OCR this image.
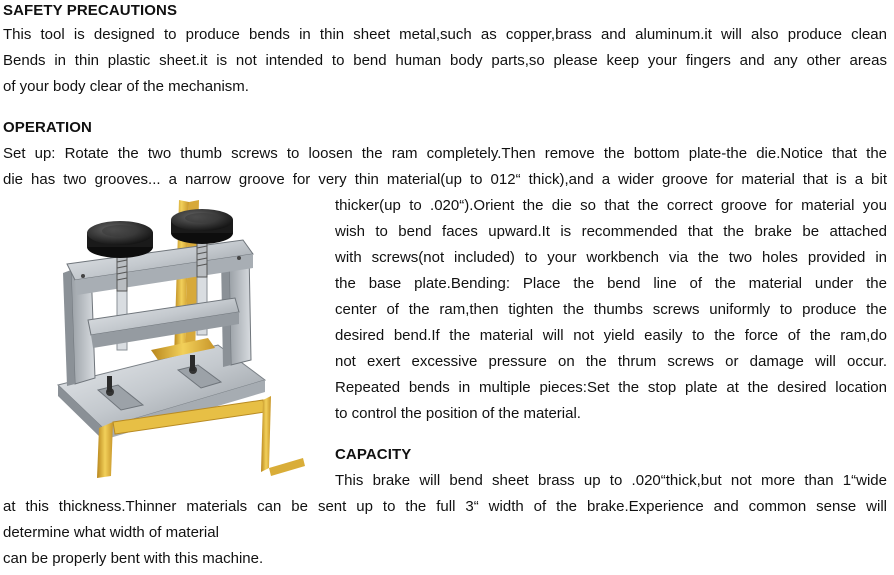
SAFETY PRECAUTIONS
This tool is designed to produce bends in thin sheet metal,such as copper,brass and aluminum.it will also produce clean
Bends in thin plastic sheet.it is not intended to bend human body parts,so please keep your fingers and any other areas
of your body clear of the mechanism.
OPERATION
Set up: Rotate the two thumb screws to loosen the ram completely.Then remove the bottom plate-the die.Notice that the
die has two grooves... a narrow groove for very thin material(up to 012“ thick),and a wider groove for material that is a bit
thicker(up to .020“).Orient the die so that the correct groove for material you
wish to bend faces upward.It is recommended that the brake be attached
with screws(not included) to your workbench via the two holes provided in
the base plate.Bending: Place the bend line of the material under the
center of the ram,then tighten the thumbs screws uniformly to produce the
desired bend.If the material will not yield easily to the force of the ram,do
not exert excessive pressure on the thrum screws or damage will occur.
Repeated bends in multiple pieces:Set the stop plate at the desired location
to control the position of the material.
CAPACITY
This brake will bend sheet brass up to .020“thick,but not more than 1“wide
at this thickness.Thinner materials can be sent up to the full 3“ width of the brake.Experience and common sense will
determine what width of material
can be properly bent with this machine.
